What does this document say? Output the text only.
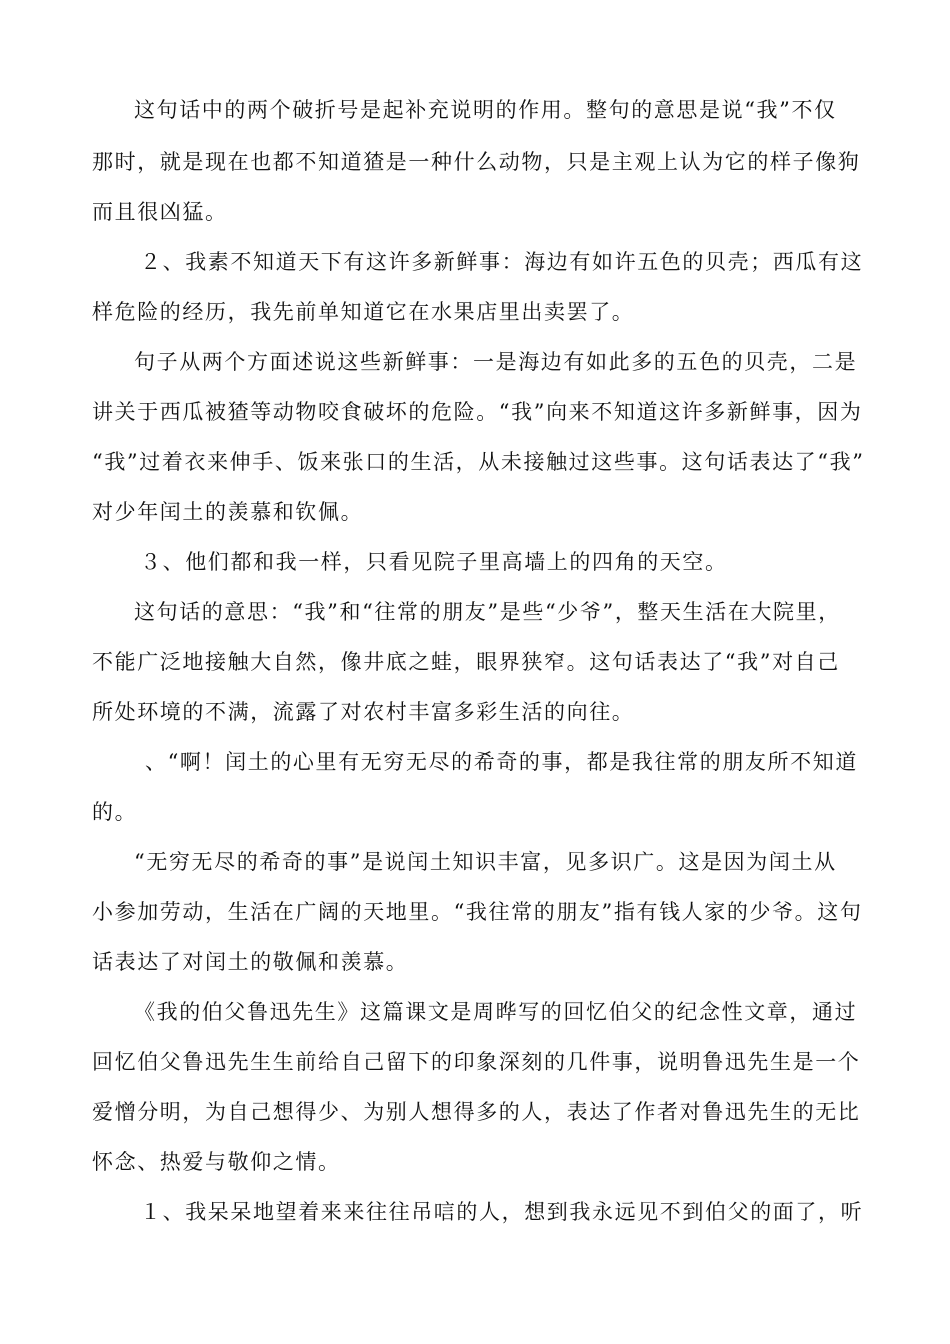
这句话中的两个破折号是起补充说明的作用。整句的意思是说“我”不仅

那时，就是现在也都不知道猹是一种什么动物，只是主观上认为它的样子像狗

而且很凶猛。

２、我素不知道天下有这许多新鲜事：海边有如许五色的贝壳；西瓜有这

样危险的经历，我先前单知道它在水果店里出卖罢了。

句子从两个方面述说这些新鲜事：一是海边有如此多的五色的贝壳，二是

讲关于西瓜被猹等动物咬食破坏的危险。“我”向来不知道这许多新鲜事，因为

“我”过着衣来伸手、饭来张口的生活，从未接触过这些事。这句话表达了“我”

对少年闰土的羡慕和钦佩。

３、他们都和我一样，只看见院子里高墙上的四角的天空。

这句话的意思：“我”和“往常的朋友”是些“少爷”，整天生活在大院里，

不能广泛地接触大自然，像井底之蛙，眼界狭窄。这句话表达了“我”对自己

所处环境的不满，流露了对农村丰富多彩生活的向往。

、“啊！闰土的心里有无穷无尽的希奇的事，都是我往常的朋友所不知道

的。

“无穷无尽的希奇的事”是说闰土知识丰富，见多识广。这是因为闰土从

小参加劳动，生活在广阔的天地里。“我往常的朋友”指有钱人家的少爷。这句

话表达了对闰土的敬佩和羡慕。

《我的伯父鲁迅先生》这篇课文是周晔写的回忆伯父的纪念性文章，通过

回忆伯父鲁迅先生生前给自己留下的印象深刻的几件事，说明鲁迅先生是一个

爱憎分明，为自己想得少、为别人想得多的人，表达了作者对鲁迅先生的无比

怀念、热爱与敬仰之情。

１、我呆呆地望着来来往往吊唁的人，想到我永远见不到伯父的面了，听
